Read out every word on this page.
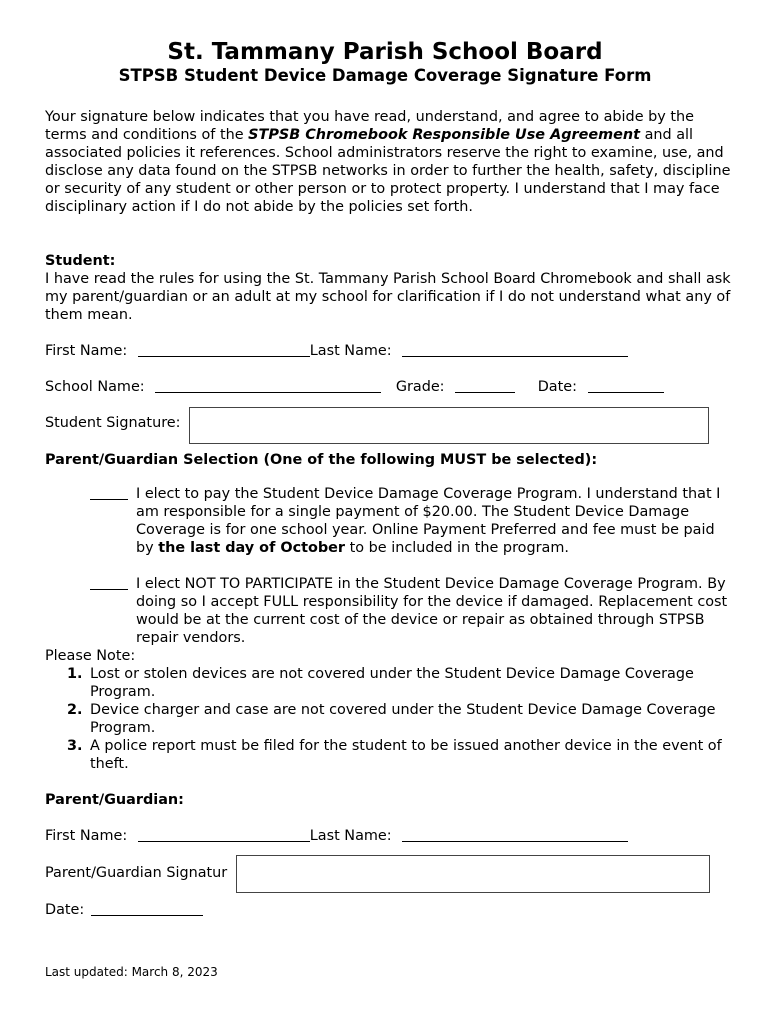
St. Tammany Parish School Board
STPSB Student Device Damage Coverage Signature Form

Your signature below indicates that you have read, understand, and agree to abide by the terms and conditions of the STPSB Chromebook Responsible Use Agreement and all associated policies it references. School administrators reserve the right to examine, use, and disclose any data found on the STPSB networks in order to further the health, safety, discipline or security of any student or other person or to protect property. I understand that I may face disciplinary action if I do not abide by the policies set forth.

Student:

I have read the rules for using the St. Tammany Parish School Board Chromebook and shall ask my parent/guardian or an adult at my school for clarification if I do not understand what any of them mean.

First Name:	Last Name:
School Name:	Grade:	Date:
Student Signature:
Parent/Guardian Selection (One of the following MUST be selected):

I elect to pay the Student Device Damage Coverage Program. I understand that I am responsible for a single payment of $20.00. The Student Device Damage Coverage is for one school year. Online Payment Preferred and fee must be paid by the last day of October to be included in the program.

I elect NOT TO PARTICIPATE in the Student Device Damage Coverage Program. By doing so I accept FULL responsibility for the device if damaged. Replacement cost would be at the current cost of the device or repair as obtained through STPSB repair vendors.

Please Note:
1. Lost or stolen devices are not covered under the Student Device Damage Coverage Program.
2. Device charger and case are not covered under the Student Device Damage Coverage Program.
3. A police report must be filed for the student to be issued another device in the event of theft.
Parent/Guardian:
First Name:	Last Name:
Parent/Guardian Signatur
Date:
Last updated: March 8, 2023
